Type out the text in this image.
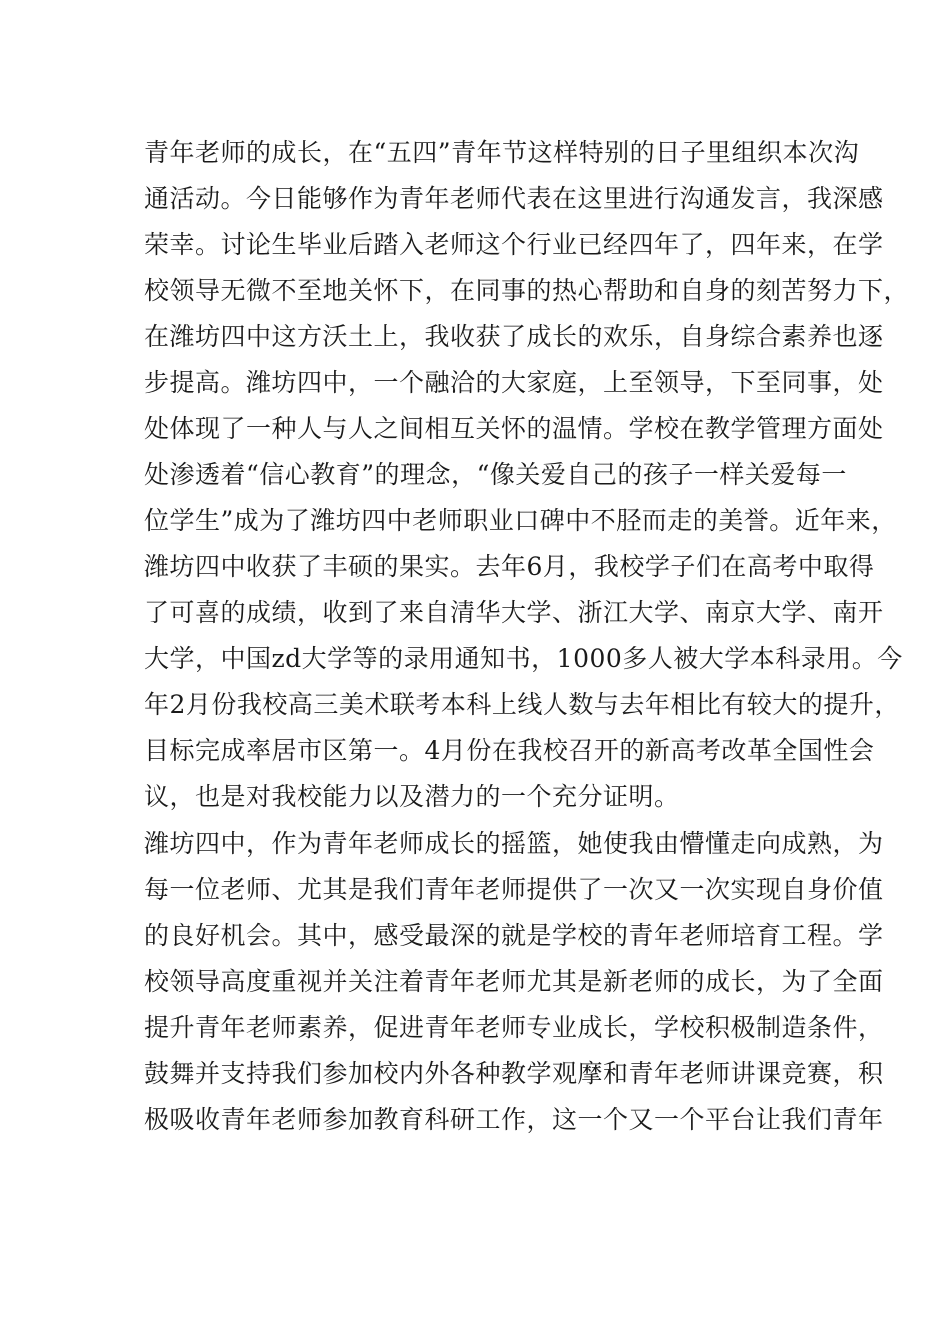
青年老师的成长，在“五四”青年节这样特别的日子里组织本次沟
通活动。今日能够作为青年老师代表在这里进行沟通发言，我深感
荣幸。讨论生毕业后踏入老师这个行业已经四年了，四年来，在学
校领导无微不至地关怀下，在同事的热心帮助和自身的刻苦努力下，
在潍坊四中这方沃土上，我收获了成长的欢乐，自身综合素养也逐
步提高。潍坊四中，一个融洽的大家庭，上至领导，下至同事，处
处体现了一种人与人之间相互关怀的温情。学校在教学管理方面处
处渗透着“信心教育”的理念，“像关爱自己的孩子一样关爱每一
位学生”成为了潍坊四中老师职业口碑中不胫而走的美誉。近年来，
潍坊四中收获了丰硕的果实。去年6月，我校学子们在高考中取得
了可喜的成绩，收到了来自清华大学、浙江大学、南京大学、南开
大学，中国zd大学等的录用通知书，1000多人被大学本科录用。今
年2月份我校高三美术联考本科上线人数与去年相比有较大的提升，
目标完成率居市区第一。4月份在我校召开的新高考改革全国性会
议，也是对我校能力以及潜力的一个充分证明。
潍坊四中，作为青年老师成长的摇篮，她使我由懵懂走向成熟，为
每一位老师、尤其是我们青年老师提供了一次又一次实现自身价值
的良好机会。其中，感受最深的就是学校的青年老师培育工程。学
校领导高度重视并关注着青年老师尤其是新老师的成长，为了全面
提升青年老师素养，促进青年老师专业成长，学校积极制造条件，
鼓舞并支持我们参加校内外各种教学观摩和青年老师讲课竞赛，积
极吸收青年老师参加教育科研工作，这一个又一个平台让我们青年
